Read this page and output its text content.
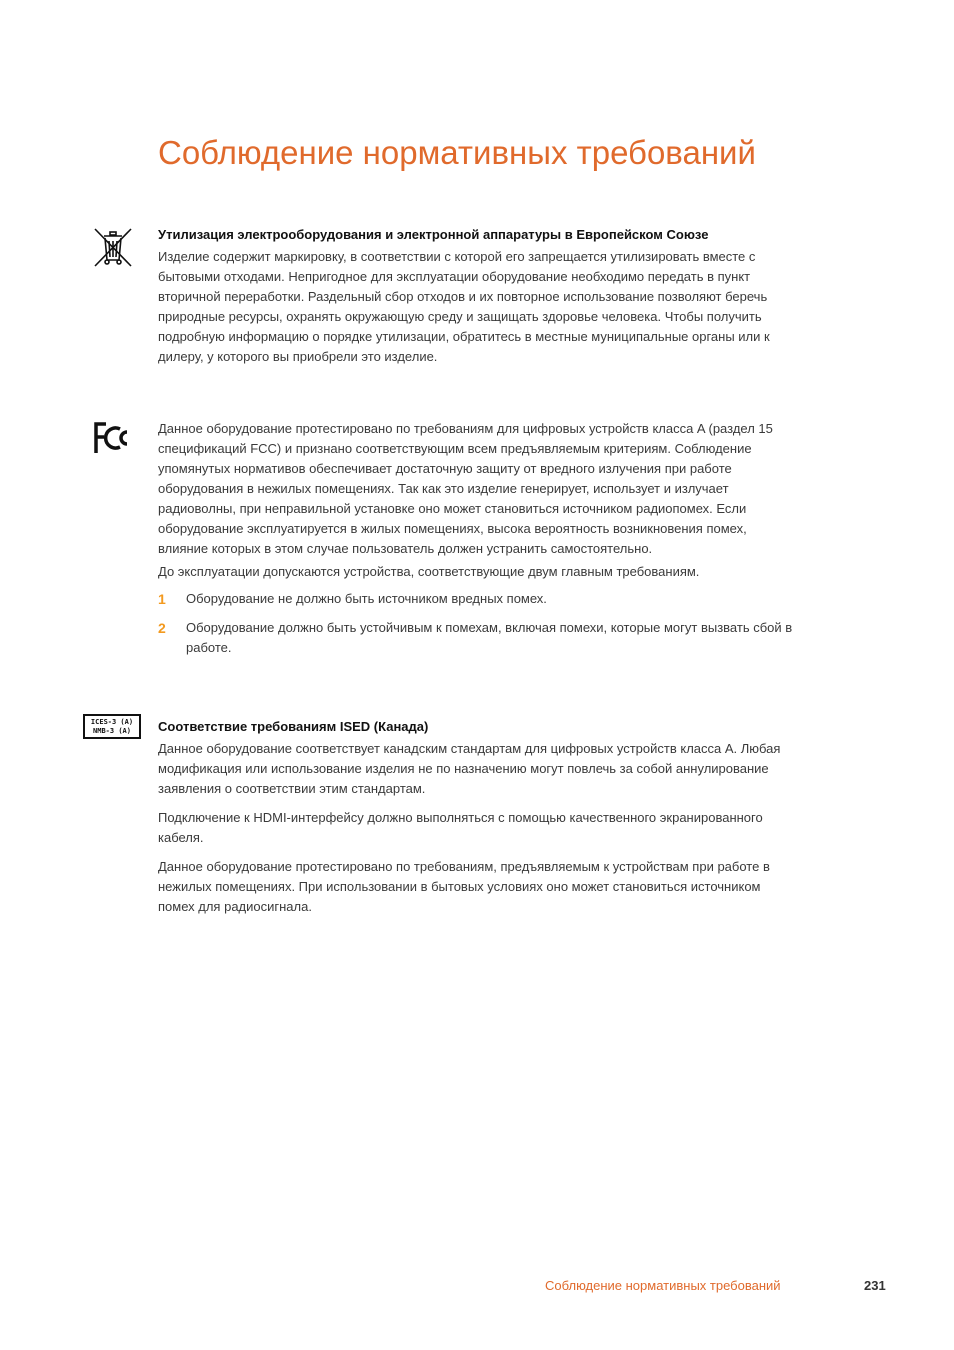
Соблюдение нормативных требований

Утилизация электрооборудования и электронной аппаратуры в Европейском Союзе

Изделие содержит маркировку, в соответствии с которой его запрещается утилизировать вместе с бытовыми отходами. Непригодное для эксплуатации оборудование необходимо передать в пункт вторичной переработки. Раздельный сбор отходов и их повторное использование позволяют беречь природные ресурсы, охранять окружающую среду и защищать здоровье человека. Чтобы получить подробную информацию о порядке утилизации, обратитесь в местные муниципальные органы или к дилеру, у которого вы приобрели это изделие.

Данное оборудование протестировано по требованиям для цифровых устройств класса A (раздел 15 спецификаций FCC) и признано соответствующим всем предъявляемым критериям. Соблюдение упомянутых нормативов обеспечивает достаточную защиту от вредного излучения при работе оборудования в нежилых помещениях. Так как это изделие генерирует, использует и излучает радиоволны, при неправильной установке оно может становиться источником радиопомех. Если оборудование эксплуатируется в жилых помещениях, высока вероятность возникновения помех, влияние которых в этом случае пользователь должен устранить самостоятельно.

До эксплуатации допускаются устройства, соответствующие двум главным требованиям.

1 Оборудование не должно быть источником вредных помех.
2 Оборудование должно быть устойчивым к помехам, включая помехи, которые могут вызвать сбой в работе.
ICES-3 (A)
NMB-3 (A)	Соответствие требованиям ISED (Канада)

Данное оборудование соответствует канадским стандартам для цифровых устройств класса A. Любая модификация или использование изделия не по назначению могут повлечь за собой аннулирование заявления о соответствии этим стандартам.

Подключение к HDMI-интерфейсу должно выполняться с помощью качественного экранированного кабеля.

Данное оборудование протестировано по требованиям, предъявляемым к устройствам при работе в нежилых помещениях. При использовании в бытовых условиях оно может становиться источником помех для радиосигнала.

Соблюдение нормативных требований	231
